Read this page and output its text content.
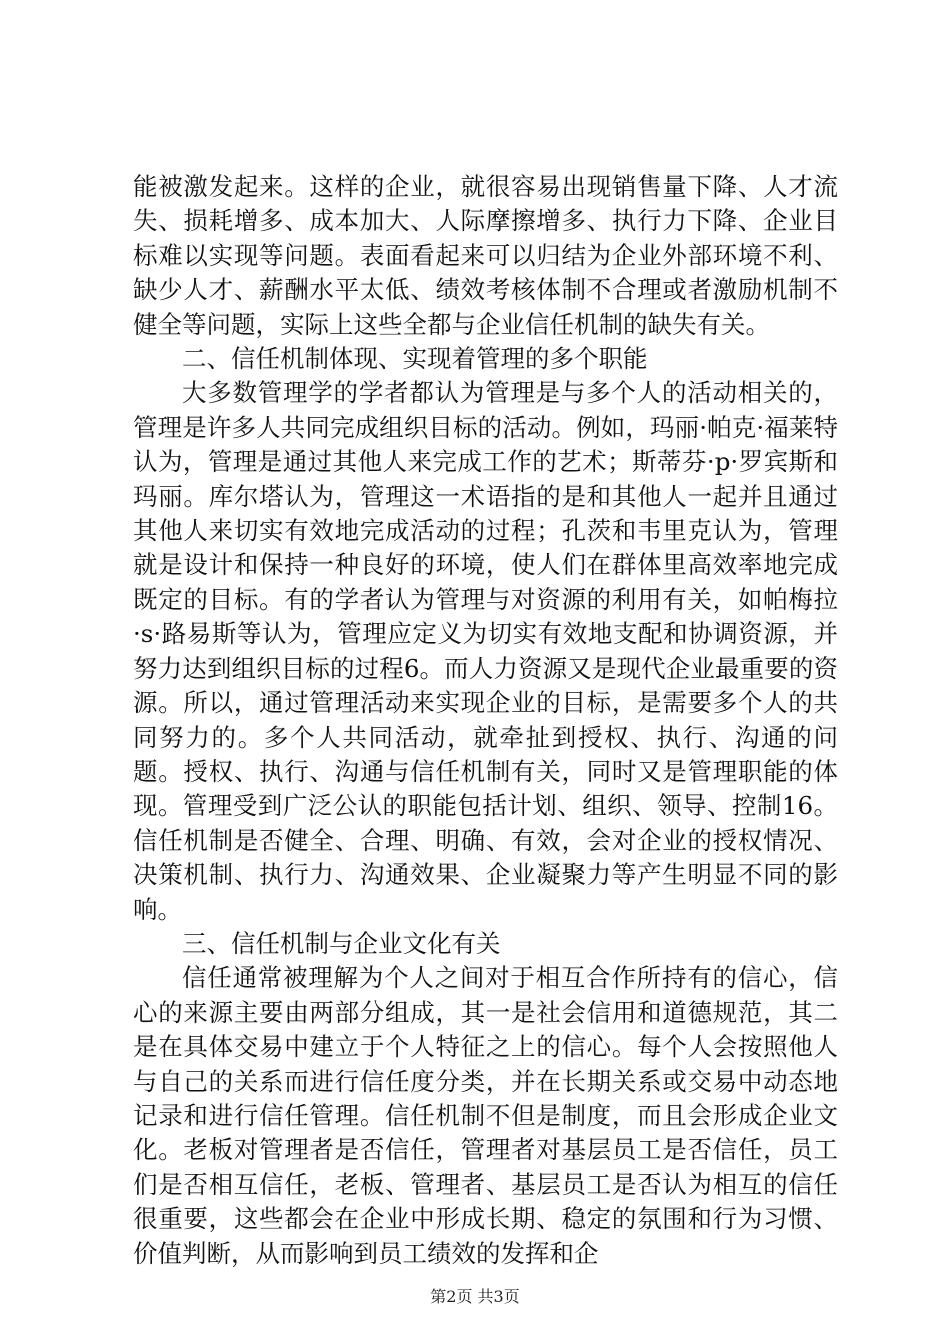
能被激发起来。这样的企业，就很容易出现销售量下降、人才流失、损耗增多、成本加大、人际摩擦增多、执行力下降、企业目标难以实现等问题。表面看起来可以归结为企业外部环境不利、缺少人才、薪酬水平太低、绩效考核体制不合理或者激励机制不健全等问题，实际上这些全都与企业信任机制的缺失有关。

二、信任机制体现、实现着管理的多个职能

大多数管理学的学者都认为管理是与多个人的活动相关的，管理是许多人共同完成组织目标的活动。例如，玛丽·帕克·福莱特认为，管理是通过其他人来完成工作的艺术；斯蒂芬·p·罗宾斯和玛丽。库尔塔认为，管理这一术语指的是和其他人一起并且通过其他人来切实有效地完成活动的过程；孔茨和韦里克认为，管理就是设计和保持一种良好的环境，使人们在群体里高效率地完成既定的目标。有的学者认为管理与对资源的利用有关，如帕梅拉·s·路易斯等认为，管理应定义为切实有效地支配和协调资源，并努力达到组织目标的过程6。而人力资源又是现代企业最重要的资源。所以，通过管理活动来实现企业的目标，是需要多个人的共同努力的。多个人共同活动，就牵扯到授权、执行、沟通的问题。授权、执行、沟通与信任机制有关，同时又是管理职能的体现。管理受到广泛公认的职能包括计划、组织、领导、控制16。信任机制是否健全、合理、明确、有效，会对企业的授权情况、决策机制、执行力、沟通效果、企业凝聚力等产生明显不同的影响。

三、信任机制与企业文化有关

信任通常被理解为个人之间对于相互合作所持有的信心，信心的来源主要由两部分组成，其一是社会信用和道德规范，其二是在具体交易中建立于个人特征之上的信心。每个人会按照他人与自己的关系而进行信任度分类，并在长期关系或交易中动态地记录和进行信任管理。信任机制不但是制度，而且会形成企业文化。老板对管理者是否信任，管理者对基层员工是否信任，员工们是否相互信任，老板、管理者、基层员工是否认为相互的信任很重要，这些都会在企业中形成长期、稳定的氛围和行为习惯、价值判断，从而影响到员工绩效的发挥和企

第2页 共3页
